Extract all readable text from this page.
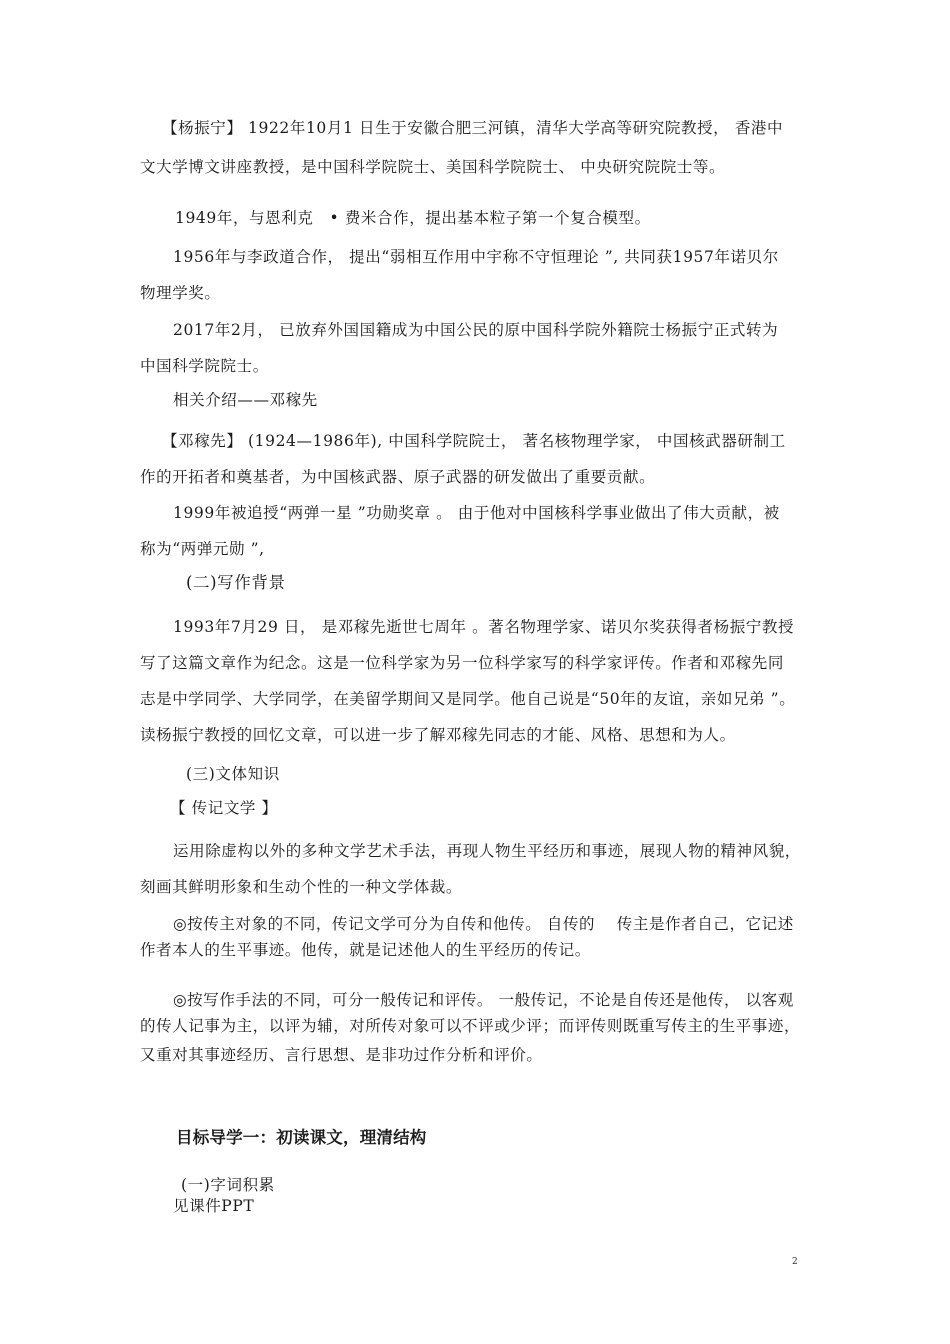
【杨振宁】 1922年10月1 日生于安徽合肥三河镇，清华大学高等研究院教授， 香港中
文大学博文讲座教授，是中国科学院院士、美国科学院院士、 中央研究院院士等。
1949年，与恩利克　• 费米合作，提出基本粒子第一个复合模型。
1956年与李政道合作， 提出“弱相互作用中宇称不守恒理论 ”, 共同获1957年诺贝尔
物理学奖。
2017年2月， 已放弃外国国籍成为中国公民的原中国科学院外籍院士杨振宁正式转为
中国科学院院士。
相关介绍——邓稼先
【邓稼先】 (1924—1986年), 中国科学院院士， 著名核物理学家， 中国核武器研制工
作的开拓者和奠基者，为中国核武器、原子武器的研发做出了重要贡献。
1999年被追授“两弹一星 ”功勋奖章 。 由于他对中国核科学事业做出了伟大贡献，被
称为“两弹元勋 ”,
(二)写作背景
1993年7月29 日， 是邓稼先逝世七周年 。著名物理学家、诺贝尔奖获得者杨振宁教授
写了这篇文章作为纪念。这是一位科学家为另一位科学家写的科学家评传。作者和邓稼先同
志是中学同学、大学同学，在美留学期间又是同学。他自己说是“50年的友谊，亲如兄弟 ”。
读杨振宁教授的回忆文章，可以进一步了解邓稼先同志的才能、风格、思想和为人。
(三)文体知识
【 传记文学 】
运用除虚构以外的多种文学艺术手法，再现人物生平经历和事迹，展现人物的精神风貌，
刻画其鲜明形象和生动个性的一种文学体裁。
◎按传主对象的不同，传记文学可分为自传和他传。 自传的　 传主是作者自己，它记述
作者本人的生平事迹。他传，就是记述他人的生平经历的传记。
◎按写作手法的不同，可分一般传记和评传。 一般传记，不论是自传还是他传， 以客观
的传人记事为主，以评为辅，对所传对象可以不评或少评；而评传则既重写传主的生平事迹，
又重对其事迹经历、言行思想、是非功过作分析和评价。
目标导学一：初读课文，理清结构
(一)字词积累
见课件PPT
2
